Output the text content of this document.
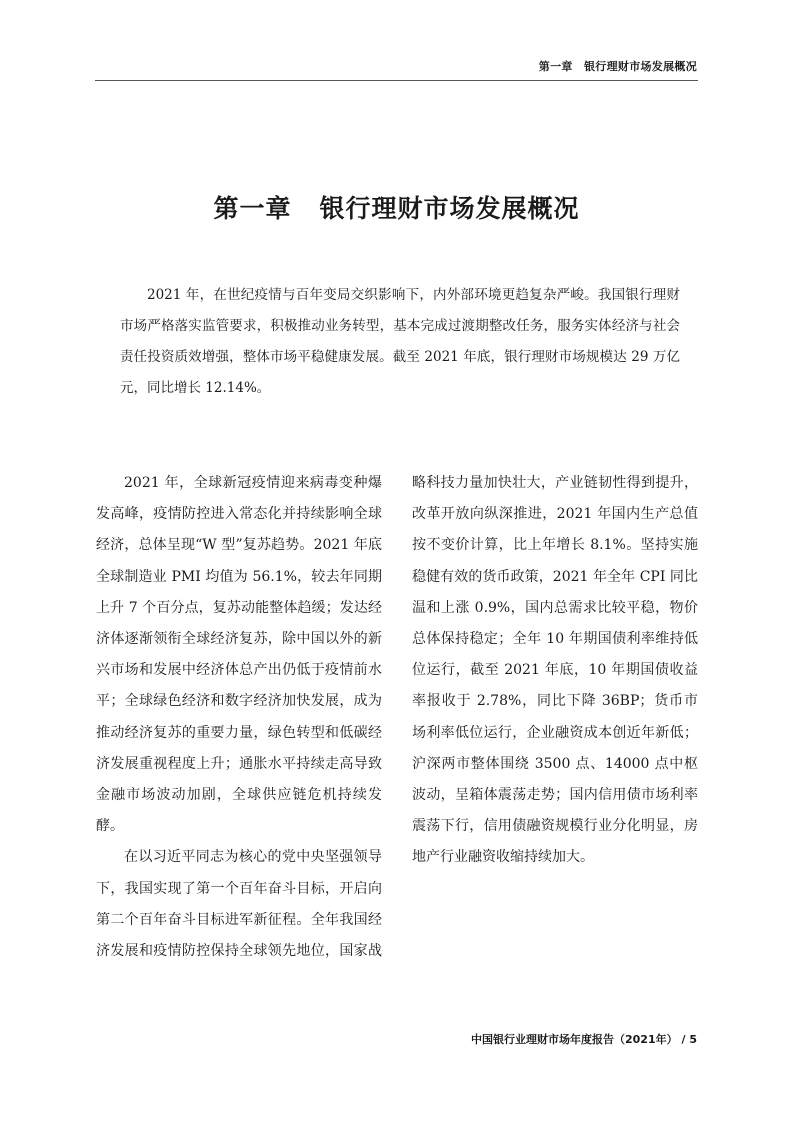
第一章　银行理财市场发展概况
第一章 银行理财市场发展概况

2021 年，在世纪疫情与百年变局交织影响下，内外部环境更趋复杂严峻。我国银行理财市场严格落实监管要求，积极推动业务转型，基本完成过渡期整改任务，服务实体经济与社会责任投资质效增强，整体市场平稳健康发展。截至 2021 年底，银行理财市场规模达 29 万亿元，同比增长 12.14%。

2021 年，全球新冠疫情迎来病毒变种爆发高峰，疫情防控进入常态化并持续影响全球经济，总体呈现“W 型”复苏趋势。2021 年底全球制造业 PMI 均值为 56.1%，较去年同期上升 7 个百分点，复苏动能整体趋缓；发达经济体逐渐领衔全球经济复苏，除中国以外的新兴市场和发展中经济体总产出仍低于疫情前水平；全球绿色经济和数字经济加快发展，成为推动经济复苏的重要力量，绿色转型和低碳经济发展重视程度上升；通胀水平持续走高导致金融市场波动加剧，全球供应链危机持续发酵。

在以习近平同志为核心的党中央坚强领导下，我国实现了第一个百年奋斗目标，开启向第二个百年奋斗目标进军新征程。全年我国经济发展和疫情防控保持全球领先地位，国家战略科技力量加快壮大，产业链韧性得到提升，改革开放向纵深推进，2021 年国内生产总值按不变价计算，比上年增长 8.1%。坚持实施稳健有效的货币政策，2021 年全年 CPI 同比温和上涨 0.9%，国内总需求比较平稳，物价总体保持稳定；全年 10 年期国债利率维持低位运行，截至 2021 年底，10 年期国债收益率报收于 2.78%，同比下降 36BP；货币市场利率低位运行，企业融资成本创近年新低；沪深两市整体围绕 3500 点、14000 点中枢波动，呈箱体震荡走势；国内信用债市场利率震荡下行，信用债融资规模行业分化明显，房地产行业融资收缩持续加大。

中国银行业理财市场年度报告（2021年） / 5
